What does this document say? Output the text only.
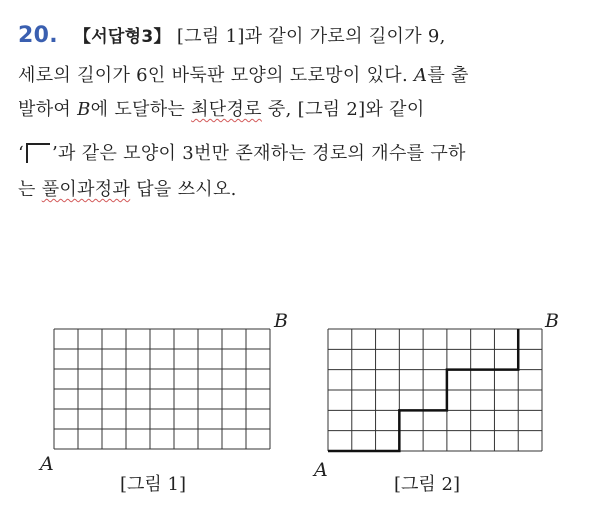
20. 【서답형3】 [그림 1]과 같이 가로의 길이가 9,
세로의 길이가 6인 바둑판 모양의 도로망이 있다. A를 출
발하여 B에 도달하는 최단경로 중, [그림 2]와 같이
‘ ’과 같은 모양이 3번만 존재하는 경로의 개수를 구하
는 풀이과정과 답을 쓰시오.
B
A
[그림 1]
B
A
[그림 2]
